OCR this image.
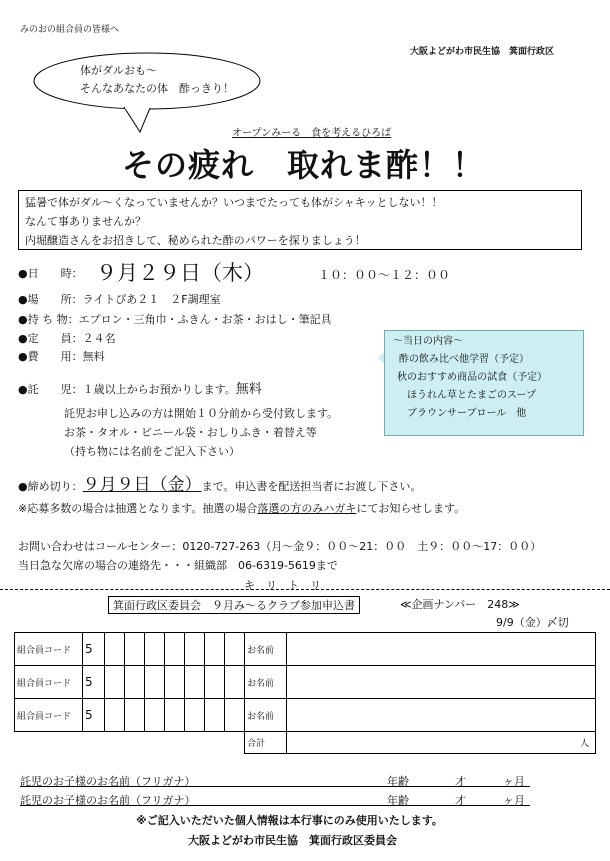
みのおの組合員の皆様へ
大阪よどがわ市民生協　箕面行政区
体がダルおも～
そんなあなたの体　酢っきり！
オープンみーる　食を考えるひろば
その疲れ　取れま酢！！
猛暑で体がダル～くなっていませんか？いつまでたっても体がシャキッとしない！！
なんて事ありませんか？
内堀醸造さんをお招きして、秘められた酢のパワーを探りましょう！
●日　　時： ９月２９日（木）	１０：００～１２：００
●場　　所：ライトぴあ２１　２F調理室
●持 ち 物：エプロン・三角巾・ふきん・お茶・おはし・筆記具
●定　　員：２４名
●費　　用：無料
●託　　児：１歳以上からお預かりします。無料
託児お申し込みの方は開始１０分前から受付致します。
お茶・タオル・ビニール袋・おしりふき・着替え等
（持ち物には名前をご記入下さい）
～当日の内容～
酢の飲み比べ他学習（予定）
秋のおすすめ商品の試食（予定）
ほうれん草とたまごのスープ
ブラウンサーブロール　他
●締め切り：９月９日（金）まで。申込書を配送担当者にお渡し下さい。
※応募多数の場合は抽選となります。抽選の場合落選の方のみハガキにてお知らせします。
お問い合わせはコールセンター：0120-727-263（月～金９：００～21：００　土９：００～17：００）
当日急な欠席の場合の連絡先・・・組織部　06-6319-5619まで
キ　リ　ト　リ
箕面行政区委員会　９月み～るクラブ参加申込書	≪企画ナンバー　248≫
9/9（金）〆切
組合員コード	5								お名前	
組合員コード	5								お名前	
組合員コード	5								お名前	
									合計	人
託児のお子様のお名前（フリガナ）	年齢	才	ヶ月
託児のお子様のお名前（フリガナ）	年齢	才	ヶ月
※ご記入いただいた個人情報は本行事にのみ使用いたします。
大阪よどがわ市民生協　箕面行政区委員会
